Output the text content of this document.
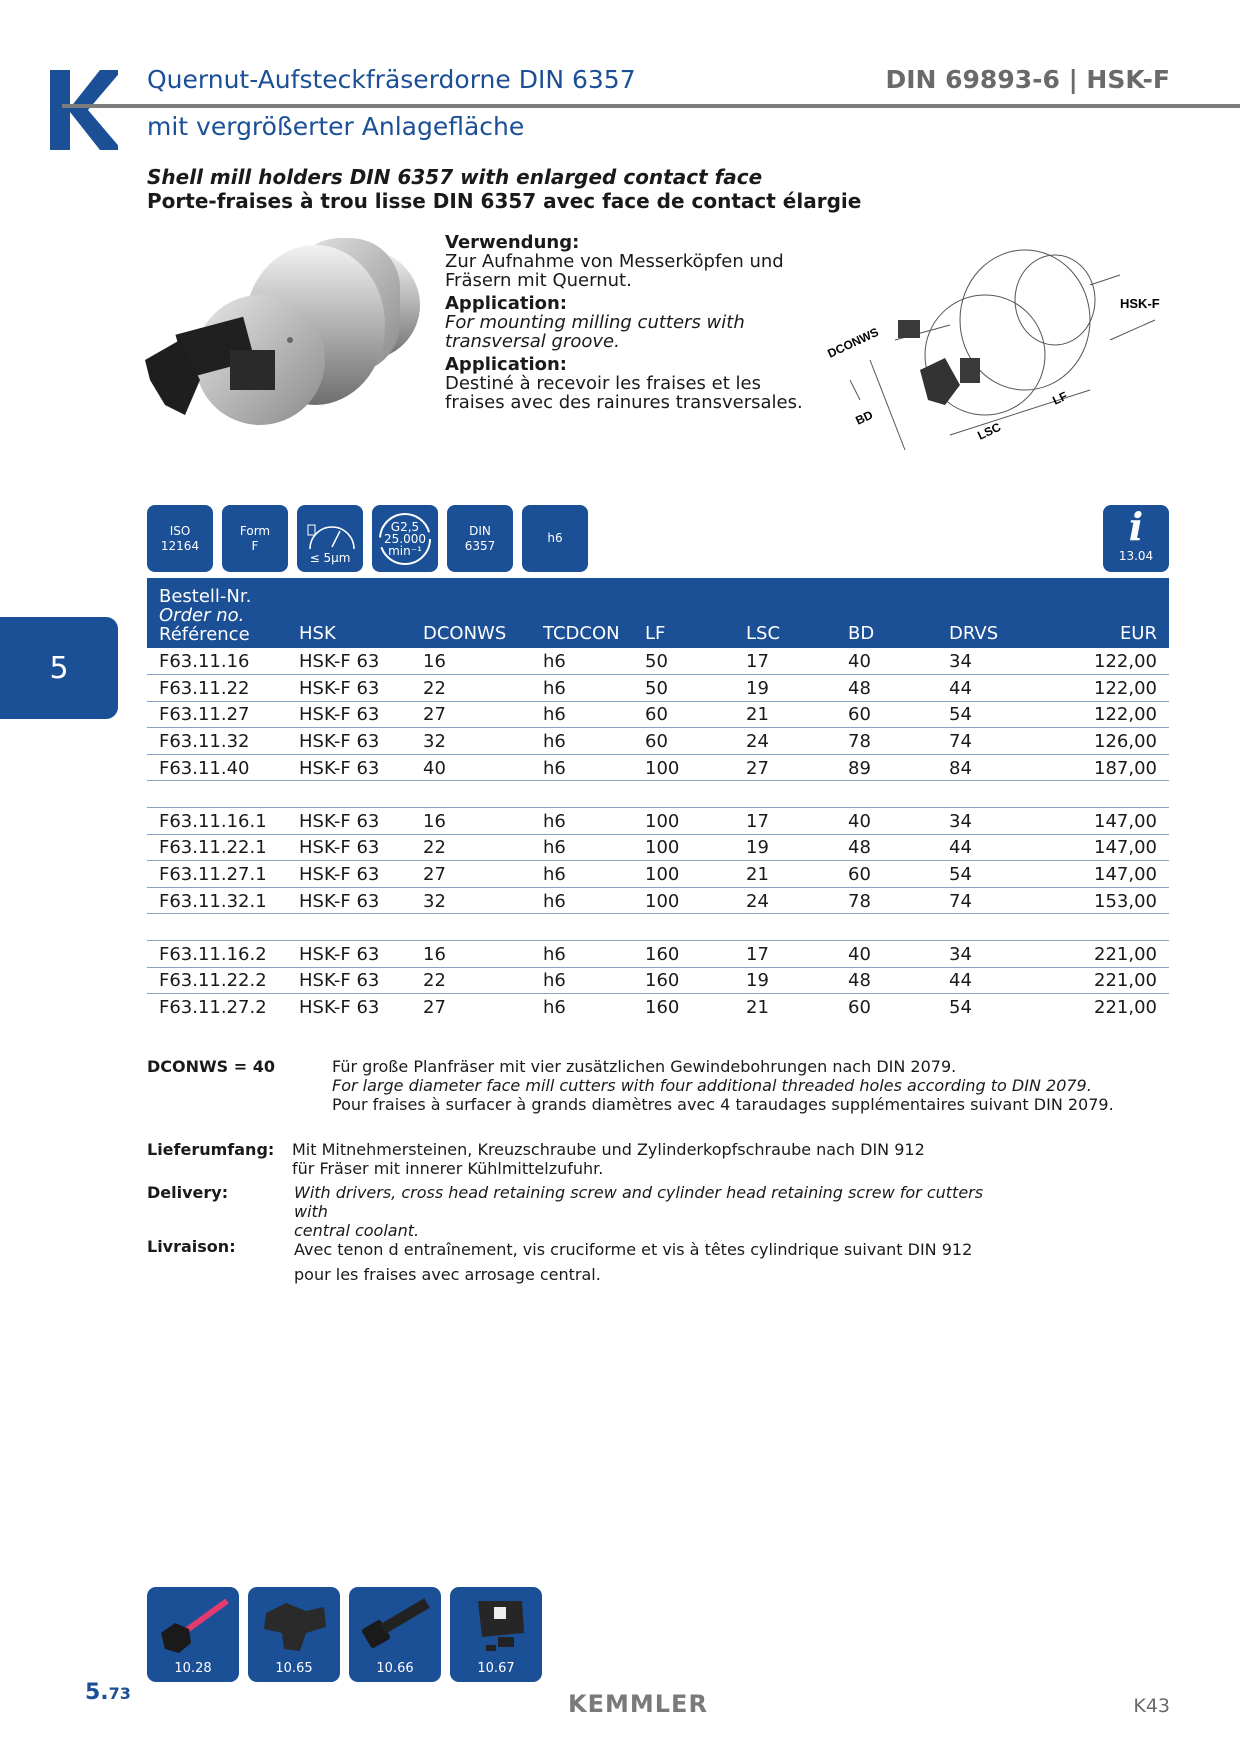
Quernut-Aufsteckfräserdorne DIN 6357
mit vergrößerter Anlagefläche
DIN 69893-6 | HSK-F
Shell mill holders DIN 6357 with enlarged contact face
Porte-fraises à trou lisse DIN 6357 avec face de contact élargie
Verwendung:
Zur Aufnahme von Messerköpfen und Fräsern mit Quernut.
Application:
For mounting milling cutters with transversal groove.
Application:
Destiné à recevoir les fraises et les fraises avec des rainures transversales.
HSK-F
DCONWS
BD
LSC
LF
5
ISO
12164
Form
F
≤ 5µm
G2,5
25.000
min⁻¹
DIN
6357
h6	i
13.04
Bestell-Nr.
Order no.
Référence	HSK	DCONWS	TCDCON	LF	LSC	BD	DRVS	EUR
F63.11.16	HSK-F 63	16	h6	50	17	40	34	122,00
F63.11.22	HSK-F 63	22	h6	50	19	48	44	122,00
F63.11.27	HSK-F 63	27	h6	60	21	60	54	122,00
F63.11.32	HSK-F 63	32	h6	60	24	78	74	126,00
F63.11.40	HSK-F 63	40	h6	100	27	89	84	187,00

F63.11.16.1	HSK-F 63	16	h6	100	17	40	34	147,00
F63.11.22.1	HSK-F 63	22	h6	100	19	48	44	147,00
F63.11.27.1	HSK-F 63	27	h6	100	21	60	54	147,00
F63.11.32.1	HSK-F 63	32	h6	100	24	78	74	153,00

F63.11.16.2	HSK-F 63	16	h6	160	17	40	34	221,00
F63.11.22.2	HSK-F 63	22	h6	160	19	48	44	221,00
F63.11.27.2	HSK-F 63	27	h6	160	21	60	54	221,00
DCONWS = 40	Für große Planfräser mit vier zusätzlichen Gewindebohrungen nach DIN 2079.
For large diameter face mill cutters with four additional threaded holes according to DIN 2079.
Pour fraises à surfacer à grands diamètres avec 4 taraudages supplémentaires suivant DIN 2079.
Lieferumfang: Mit Mitnehmersteinen, Kreuzschraube und Zylinderkopfschraube nach DIN 912
für Fräser mit innerer Kühlmittelzufuhr.
Delivery:	With drivers, cross head retaining screw and cylinder head retaining screw for cutters with
central coolant.
Livraison:	Avec tenon d entraînement, vis cruciforme et vis à têtes cylindrique suivant DIN 912
pour les fraises avec arrosage central.
10.28	10.65	10.66	10.67
5.73	KEMMLER	K43
